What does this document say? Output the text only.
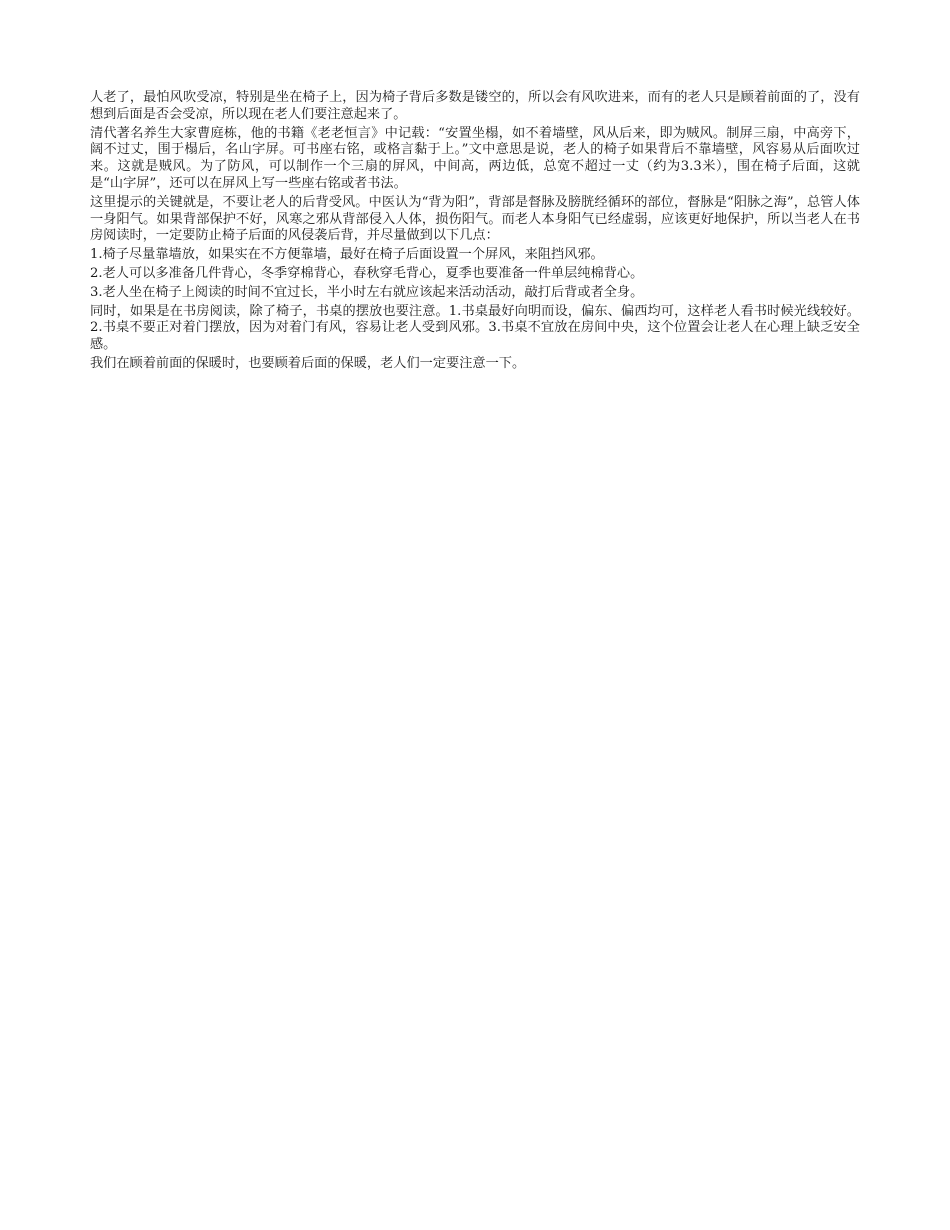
人老了，最怕风吹受凉，特别是坐在椅子上，因为椅子背后多数是镂空的，所以会有风吹进来，而有的老人只是顾着前面的了，没有想到后面是否会受凉，所以现在老人们要注意起来了。

清代著名养生大家曹庭栋，他的书籍《老老恒言》中记载：“安置坐榻，如不着墙壁，风从后来，即为贼风。制屏三扇，中高旁下，阔不过丈，围于榻后，名山字屏。可书座右铭，或格言黏于上。”文中意思是说，老人的椅子如果背后不靠墙壁，风容易从后面吹过来。这就是贼风。为了防风，可以制作一个三扇的屏风，中间高，两边低，总宽不超过一丈（约为3.3米），围在椅子后面，这就是“山字屏”，还可以在屏风上写一些座右铭或者书法。

这里提示的关键就是，不要让老人的后背受风。中医认为“背为阳”，背部是督脉及膀胱经循环的部位，督脉是“阳脉之海”，总管人体一身阳气。如果背部保护不好，风寒之邪从背部侵入人体，损伤阳气。而老人本身阳气已经虚弱，应该更好地保护，所以当老人在书房阅读时，一定要防止椅子后面的风侵袭后背，并尽量做到以下几点：

1.椅子尽量靠墙放，如果实在不方便靠墙，最好在椅子后面设置一个屏风，来阻挡风邪。

2.老人可以多准备几件背心，冬季穿棉背心，春秋穿毛背心，夏季也要准备一件单层纯棉背心。

3.老人坐在椅子上阅读的时间不宜过长，半小时左右就应该起来活动活动，敲打后背或者全身。

同时，如果是在书房阅读，除了椅子，书桌的摆放也要注意。1.书桌最好向明而设，偏东、偏西均可，这样老人看书时候光线较好。2.书桌不要正对着门摆放，因为对着门有风，容易让老人受到风邪。3.书桌不宜放在房间中央，这个位置会让老人在心理上缺乏安全感。

我们在顾着前面的保暖时，也要顾着后面的保暖，老人们一定要注意一下。
